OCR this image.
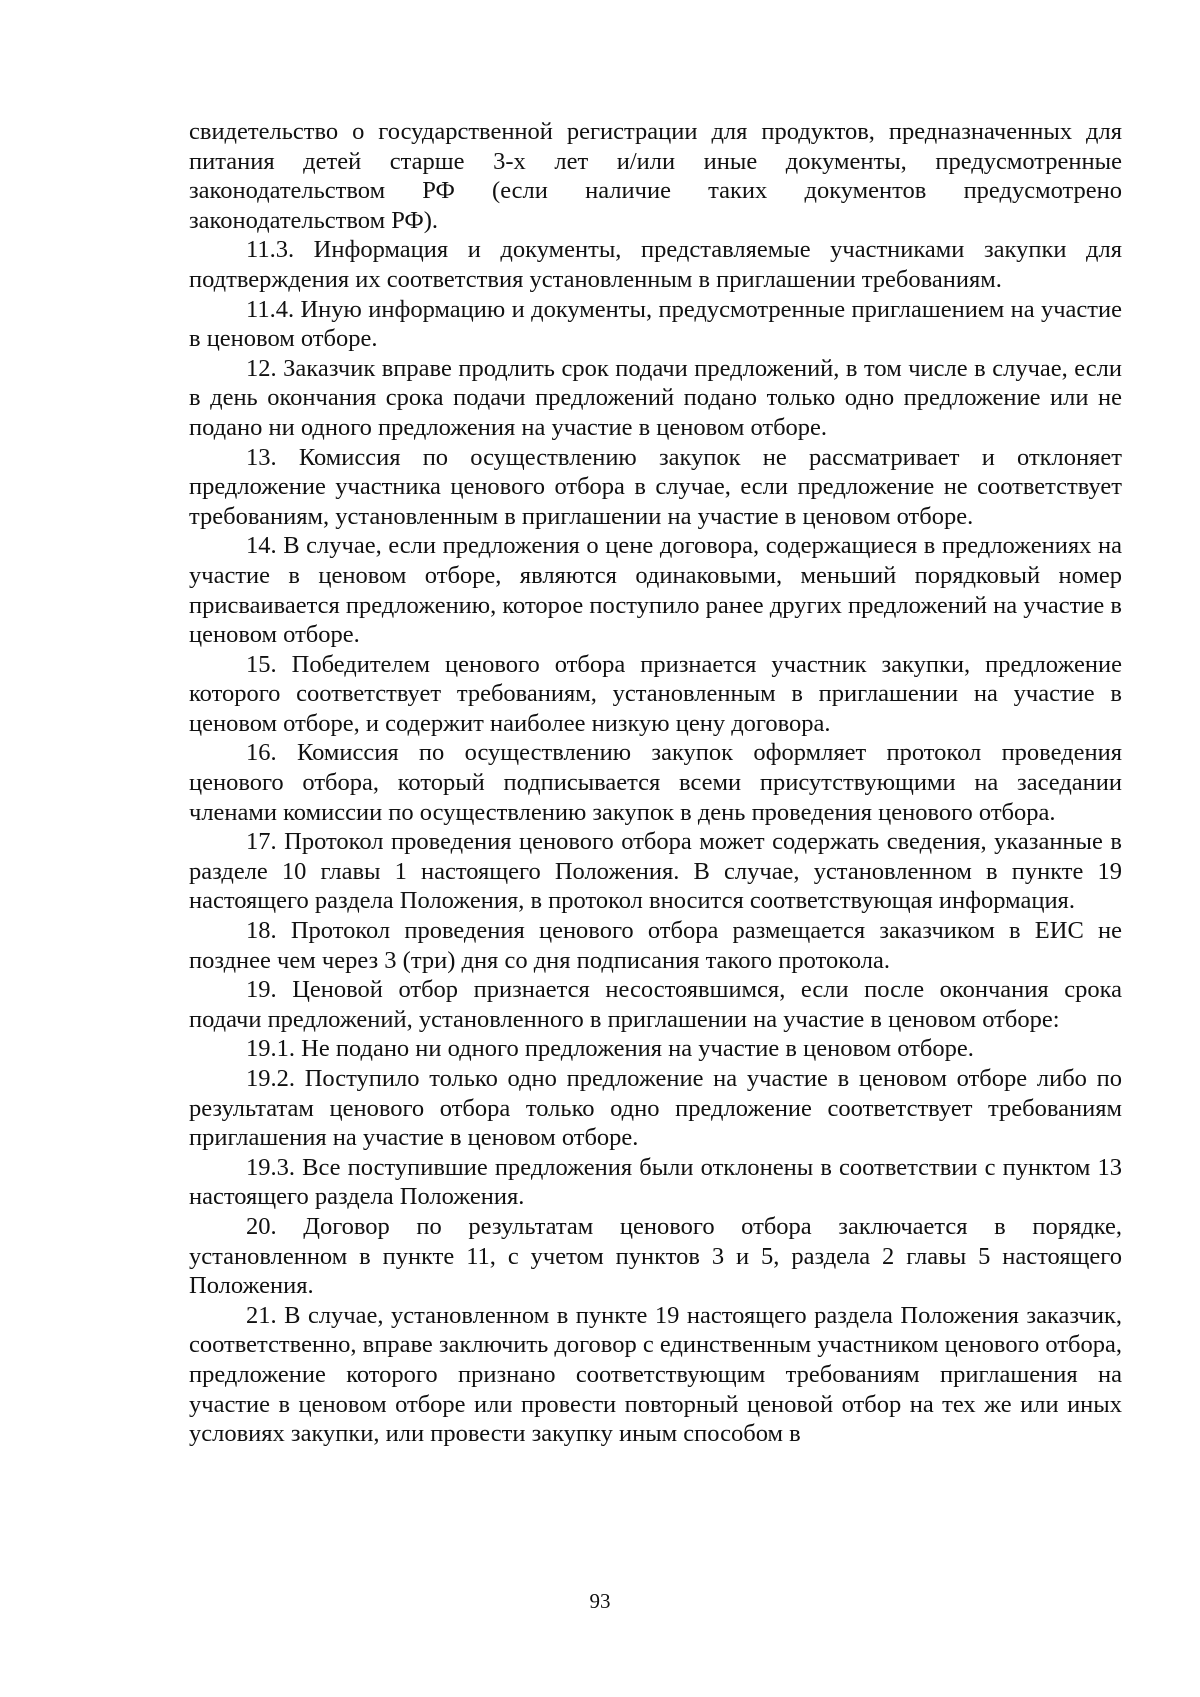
свидетельство о государственной регистрации для продуктов, предназначенных для питания детей старше 3-х лет и/или иные документы, предусмотренные законодательством РФ (если наличие таких документов предусмотрено законодательством РФ).

11.3. Информация и документы, представляемые участниками закупки для подтверждения их соответствия установленным в приглашении требованиям.

11.4. Иную информацию и документы, предусмотренные приглашением на участие в ценовом отборе.

12. Заказчик вправе продлить срок подачи предложений, в том числе в случае, если в день окончания срока подачи предложений подано только одно предложение или не подано ни одного предложения на участие в ценовом отборе.

13. Комиссия по осуществлению закупок не рассматривает и отклоняет предложение участника ценового отбора в случае, если предложение не соответствует требованиям, установленным в приглашении на участие в ценовом отборе.

14. В случае, если предложения о цене договора, содержащиеся в предложениях на участие в ценовом отборе, являются одинаковыми, меньший порядковый номер присваивается предложению, которое поступило ранее других предложений на участие в ценовом отборе.

15. Победителем ценового отбора признается участник закупки, предложение которого соответствует требованиям, установленным в приглашении на участие в ценовом отборе, и содержит наиболее низкую цену договора.

16. Комиссия по осуществлению закупок оформляет протокол проведения ценового отбора, который подписывается всеми присутствующими на заседании членами комиссии по осуществлению закупок в день проведения ценового отбора.

17. Протокол проведения ценового отбора может содержать сведения, указанные в разделе 10 главы 1 настоящего Положения. В случае, установленном в пункте 19 настоящего раздела Положения, в протокол вносится соответствующая информация.

18. Протокол проведения ценового отбора размещается заказчиком в ЕИС не позднее чем через 3 (три) дня со дня подписания такого протокола.

19. Ценовой отбор признается несостоявшимся, если после окончания срока подачи предложений, установленного в приглашении на участие в ценовом отборе:

19.1. Не подано ни одного предложения на участие в ценовом отборе.

19.2. Поступило только одно предложение на участие в ценовом отборе либо по результатам ценового отбора только одно предложение соответствует требованиям приглашения на участие в ценовом отборе.

19.3. Все поступившие предложения были отклонены в соответствии с пунктом 13 настоящего раздела Положения.

20. Договор по результатам ценового отбора заключается в порядке, установленном в пункте 11, с учетом пунктов 3 и 5, раздела 2 главы 5 настоящего Положения.

21. В случае, установленном в пункте 19 настоящего раздела Положения заказчик, соответственно, вправе заключить договор с единственным участником ценового отбора, предложение которого признано соответствующим требованиям приглашения на участие в ценовом отборе или провести повторный ценовой отбор на тех же или иных условиях закупки, или провести закупку иным способом в

93
